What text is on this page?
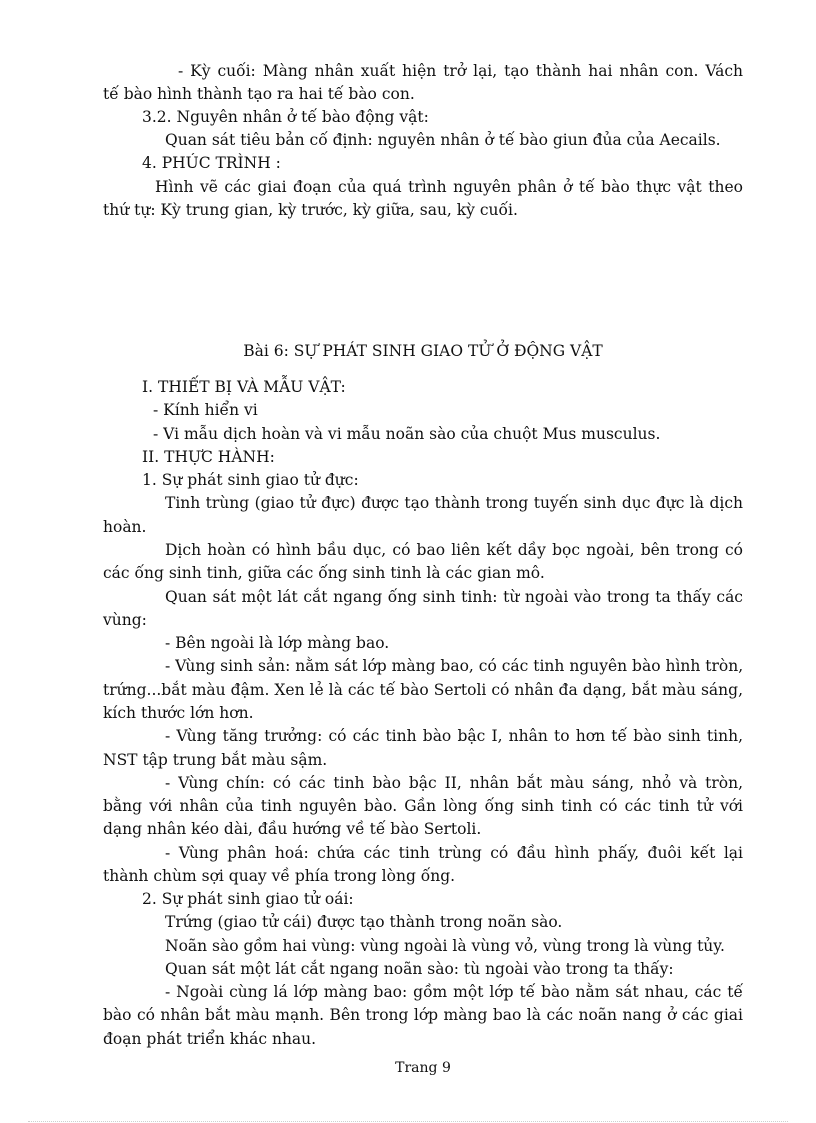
- Kỳ cuối: Màng nhân xuất hiện trở lại, tạo thành hai nhân con. Vách
tế bào hình thành tạo ra hai tế bào con.
3.2. Nguyên nhân ở tế bào động vật:
Quan sát tiêu bản cố định: nguyên nhân ở tế bào giun đủa của Aecails.
4. PHÚC TRÌNH :
Hình vẽ các giai đoạn của quá trình nguyên phân ở tế bào thực vật theo
thứ tự: Kỳ trung gian, kỳ trước, kỳ giữa, sau, kỳ cuối.
Bài 6: SỰ PHÁT SINH GIAO TỬ Ở ĐỘNG VẬT
I. THIẾT BỊ VÀ MẪU VẬT:
- Kính hiển vi
- Vi mẫu dịch hoàn và vi mẫu noãn sào của chuột Mus musculus.
II. THỰC HÀNH:
1. Sự phát sinh giao tử đực:
Tinh trùng (giao tử đực) được tạo thành trong tuyến sinh dục đực là dịch
hoàn.
Dịch hoàn có hình bầu dục, có bao liên kết dầy bọc ngoài, bên trong có
các ống sinh tinh, giữa các ống sinh tinh là các gian mô.
Quan sát một lát cắt ngang ống sinh tinh: từ ngoài vào trong ta thấy các
vùng:
- Bên ngoài là lớp màng bao.
- Vùng sinh sản: nằm sát lớp màng bao, có các tinh nguyên bào hình tròn,
trứng...bắt màu đậm. Xen lẻ là các tế bào Sertoli có nhân đa dạng, bắt màu sáng,
kích thước lớn hơn.
- Vùng tăng trưởng: có các tinh bào bậc I, nhân to hơn tế bào sinh tinh,
NST tập trung bắt màu sậm.
- Vùng chín: có các tinh bào bậc II, nhân bắt màu sáng, nhỏ và tròn,
bằng với nhân của tinh nguyên bào. Gần lòng ống sinh tinh có các tinh tử với
dạng nhân kéo dài, đầu hướng về tế bào Sertoli.
- Vùng phân hoá: chứa các tinh trùng có đầu hình phấy, đuôi kết lại
thành chùm sợi quay về phía trong lòng ống.
2. Sự phát sinh giao tử oái:
Trứng (giao tử cái) được tạo thành trong noãn sào.
Noãn sào gồm hai vùng: vùng ngoài là vùng vỏ, vùng trong là vùng tủy.
Quan sát một lát cắt ngang noãn sào: tù ngoài vào trong ta thấy:
- Ngoài cùng lá lớp màng bao: gồm một lớp tế bào nằm sát nhau, các tế
bào có nhân bắt màu mạnh. Bên trong lớp màng bao là các noãn nang ở các giai
đoạn phát triển khác nhau.
Trang 9
